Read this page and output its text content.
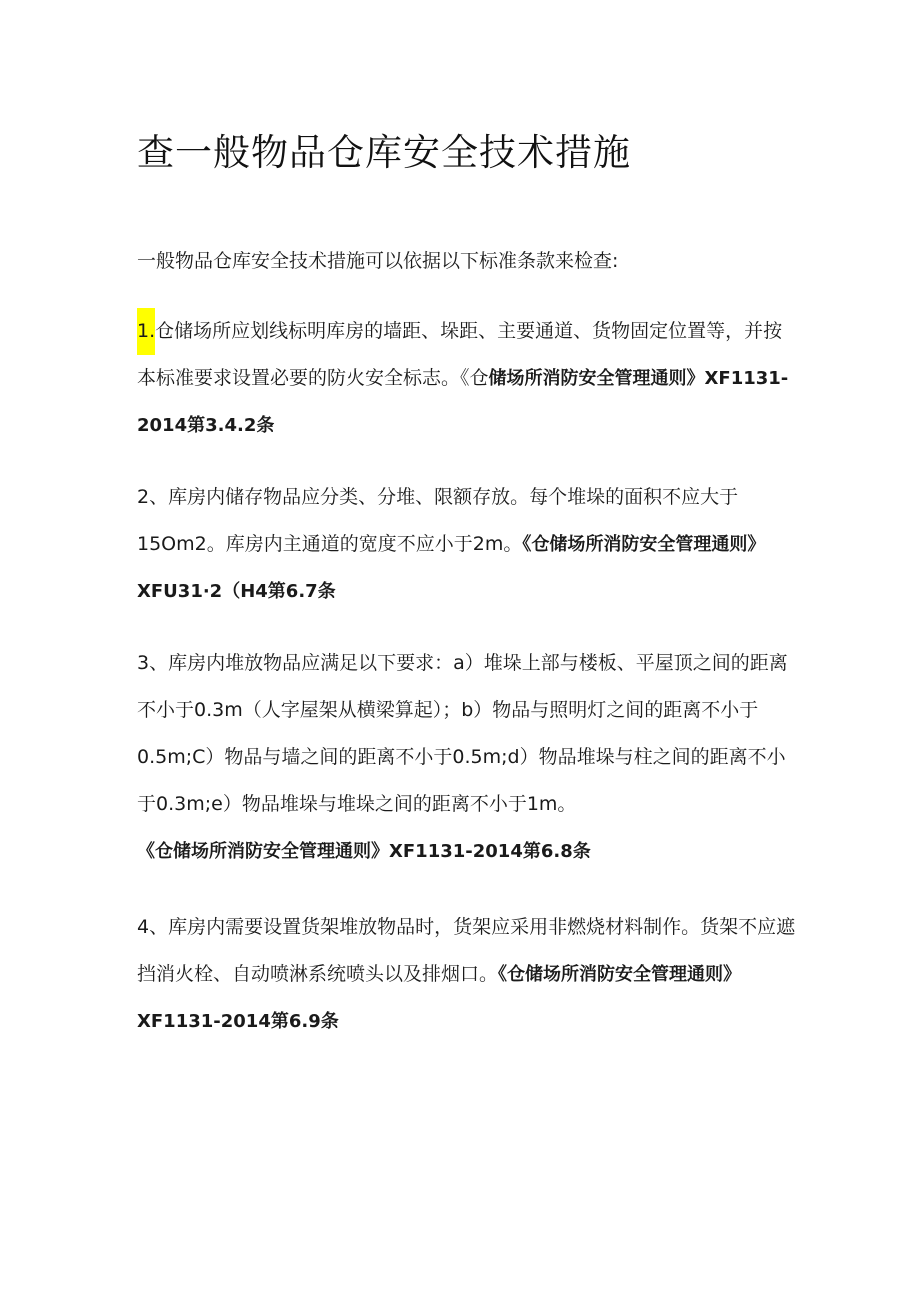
查一般物品仓库安全技术措施

一般物品仓库安全技术措施可以依据以下标准条款来检查:

1.仓储场所应划线标明库房的墙距、垛距、主要通道、货物固定位置等，并按本标准要求设置必要的防火安全标志。《仓储场所消防安全管理通则》XF1131-2014第3.4.2条

2、库房内储存物品应分类、分堆、限额存放。每个堆垛的面积不应大于15Om2。库房内主通道的宽度不应小于2m。《仓储场所消防安全管理通则》XFU31·2（H4第6.7条

3、库房内堆放物品应满足以下要求：a）堆垛上部与楼板、平屋顶之间的距离不小于0.3m（人字屋架从横梁算起）；b）物品与照明灯之间的距离不小于0.5m;C）物品与墙之间的距离不小于0.5m;d）物品堆垛与柱之间的距离不小于0.3m;e）物品堆垛与堆垛之间的距离不小于1m。
《仓储场所消防安全管理通则》XF1131-2014第6.8条

4、库房内需要设置货架堆放物品时，货架应采用非燃烧材料制作。货架不应遮挡消火栓、自动喷淋系统喷头以及排烟口。《仓储场所消防安全管理通则》XF1131-2014第6.9条
